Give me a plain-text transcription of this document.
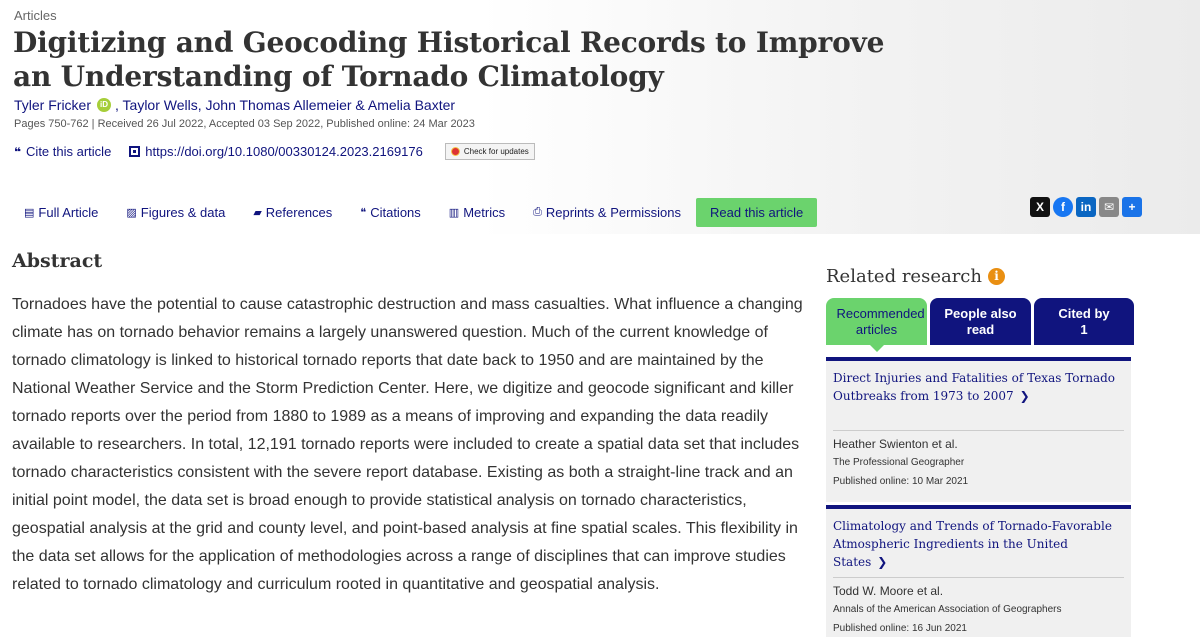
Articles
Digitizing and Geocoding Historical Records to Improve an Understanding of Tornado Climatology
Tyler Fricker	iD , Taylor Wells, John Thomas Allemeier & Amelia Baxter
Pages 750-762 | Received 26 Jul 2022, Accepted 03 Sep 2022, Published online: 24 Mar 2023
❝ Cite this article	https://doi.org/10.1080/00330124.2023.2169176	Check for updates
▤ Full Article	▨ Figures & data	▰ References	❝ Citations	▥ Metrics	⎙ Reprints & Permissions	Read this article	X	f	in	✉	+
Abstract

Tornadoes have the potential to cause catastrophic destruction and mass casualties. What influence a changing climate has on tornado behavior remains a largely unanswered question. Much of the current knowledge of tornado climatology is linked to historical tornado reports that date back to 1950 and are maintained by the National Weather Service and the Storm Prediction Center. Here, we digitize and geocode significant and killer tornado reports over the period from 1880 to 1989 as a means of improving and expanding the data readily available to researchers. In total, 12,191 tornado reports were included to create a spatial data set that includes tornado characteristics consistent with the severe report database. Existing as both a straight-line track and an initial point model, the data set is broad enough to provide statistical analysis on tornado characteristics, geospatial analysis at the grid and county level, and point-based analysis at fine spatial scales. This flexibility in the data set allows for the application of methodologies across a range of disciplines that can improve studies related to tornado climatology and curriculum rooted in quantitative and geospatial analysis.

Related research	i
Recommended articles
People also read
Cited by 1
Direct Injuries and Fatalities of Texas Tornado Outbreaks from 1973 to 2007 ❯
Heather Swienton et al.
The Professional Geographer
Published online: 10 Mar 2021
Climatology and Trends of Tornado-Favorable Atmospheric Ingredients in the United States ❯
Todd W. Moore et al.
Annals of the American Association of Geographers
Published online: 16 Jun 2021
